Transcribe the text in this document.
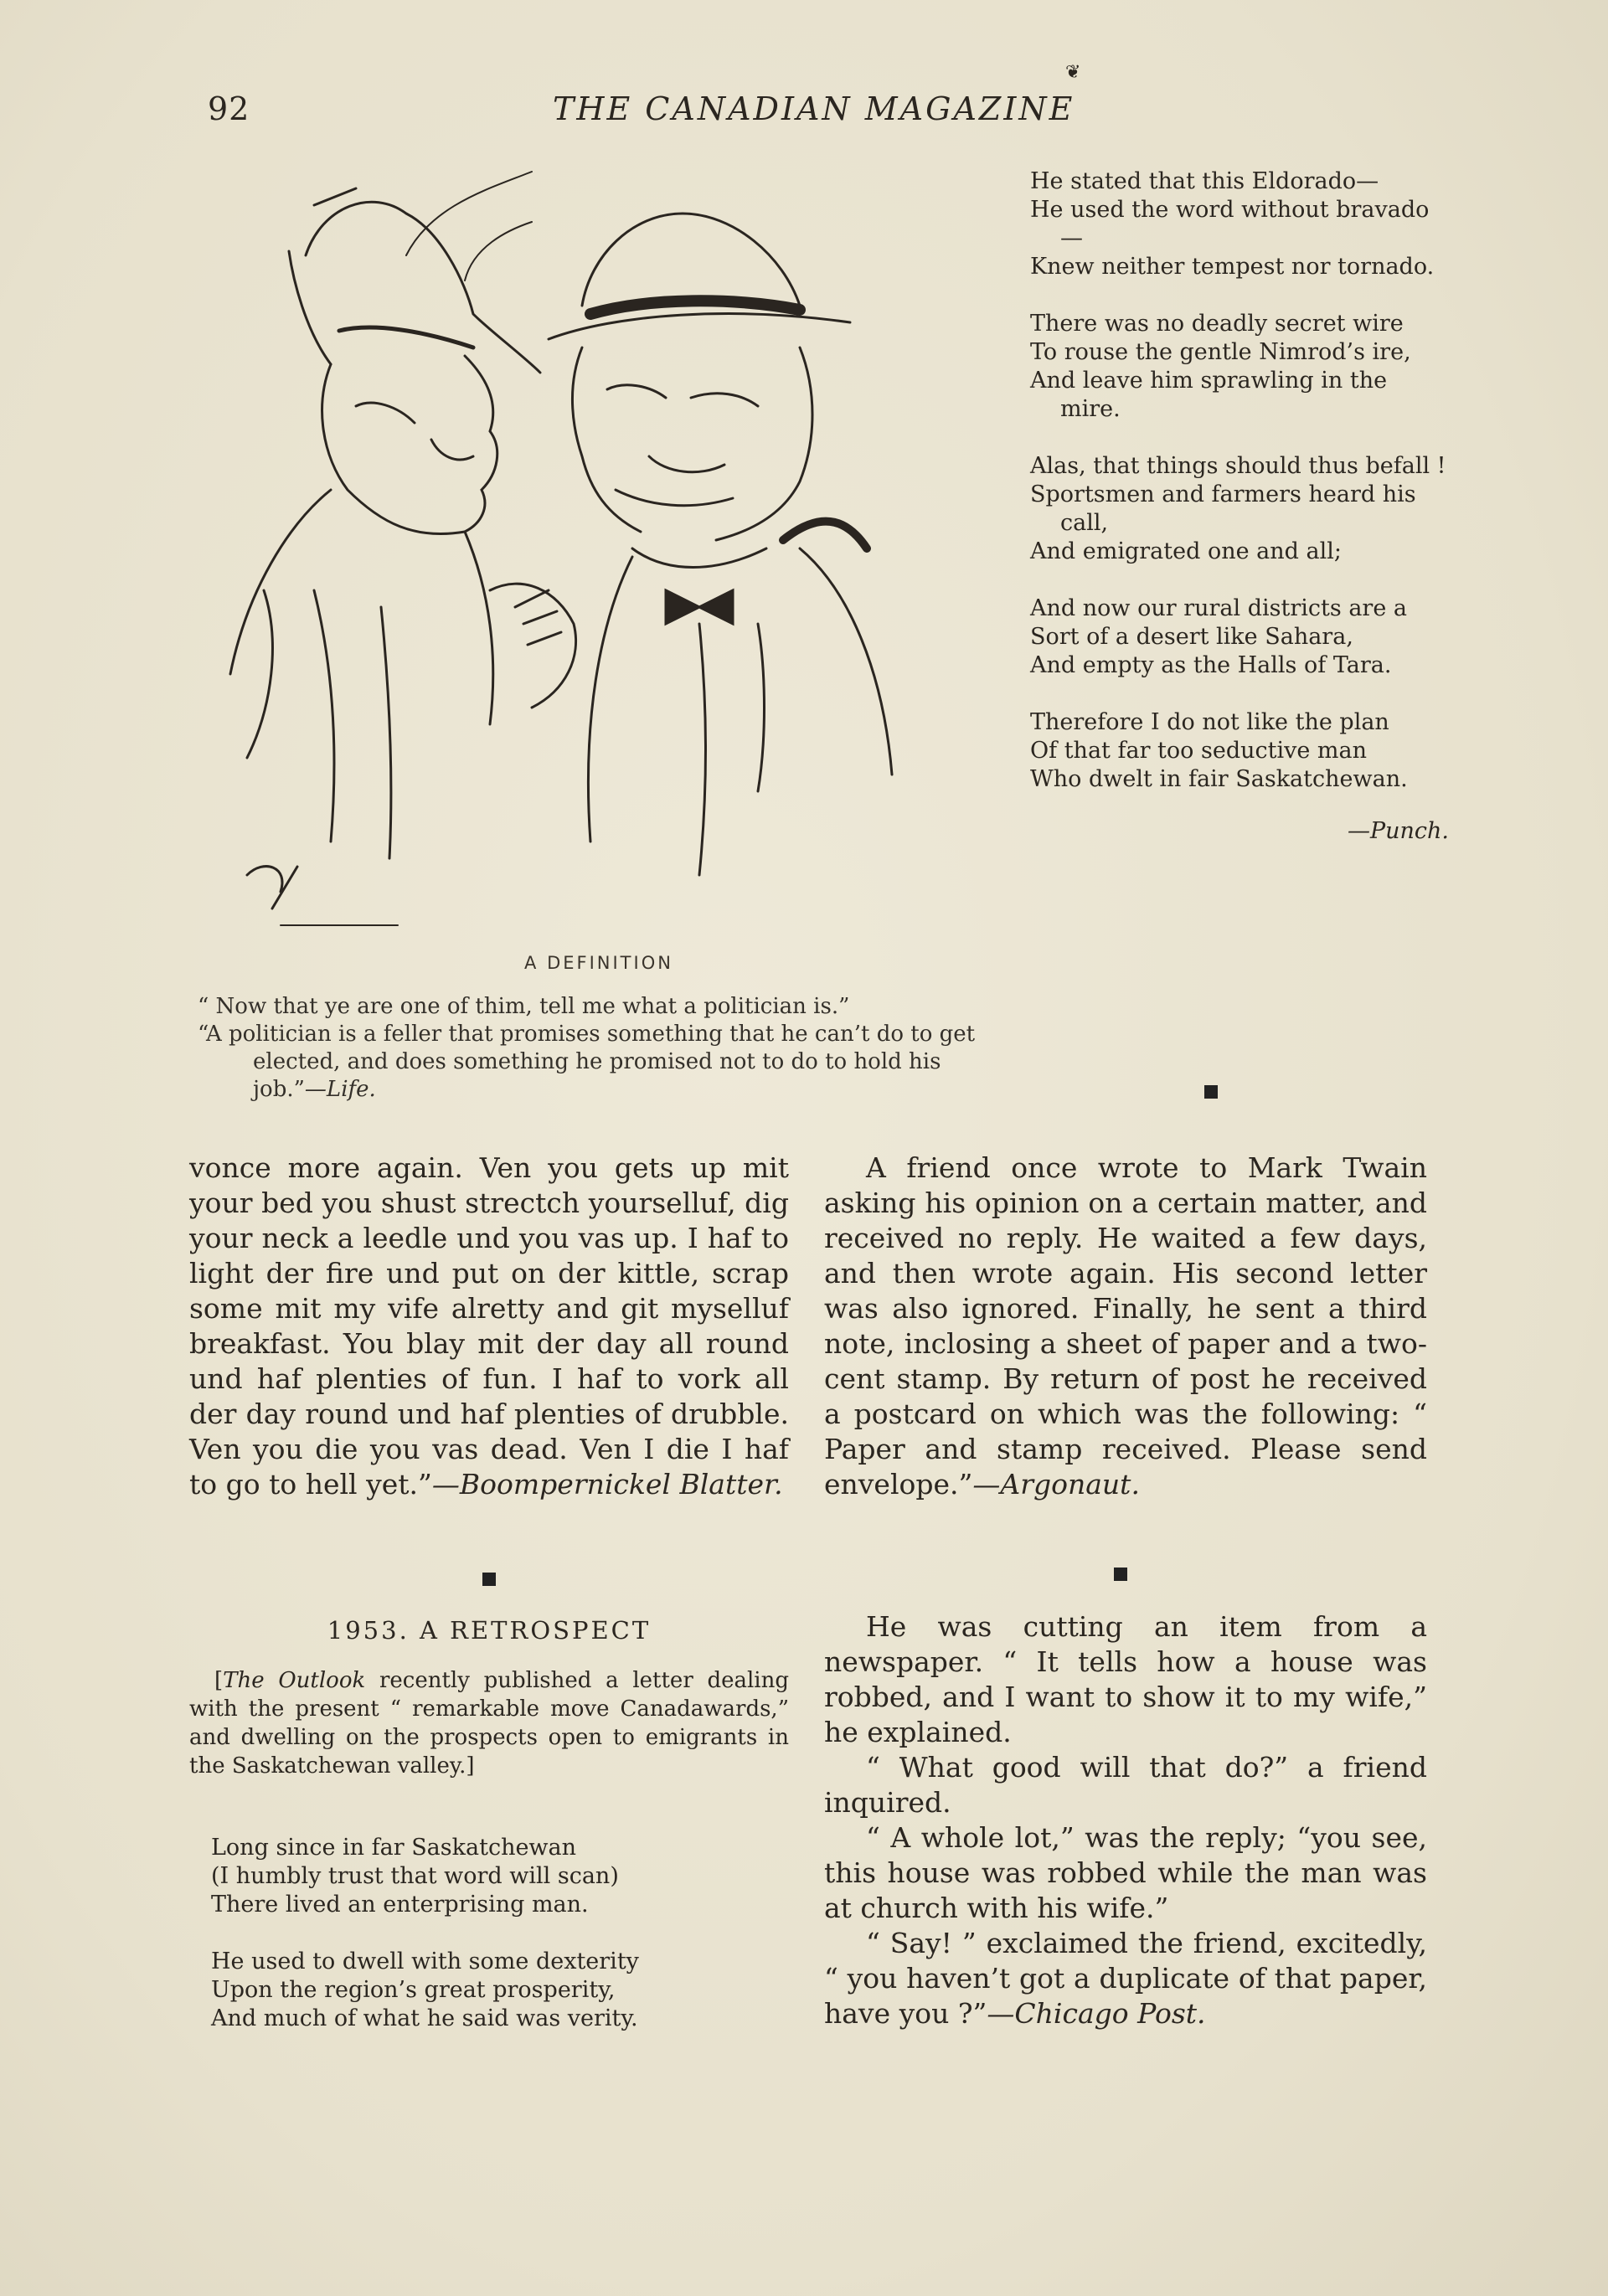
92	THE CANADIAN MAGAZINE
❦
A DEFINITION

“ Now that ye are one of thim, tell me what a politician is.”

“A politician is a feller that promises something that he can’t do to get elected, and does something he promised not to do to hold his job.”—Life.

He stated that this Eldorado—
He used the word without bravado—
Knew neither tempest nor tornado.
There was no deadly secret wire
To rouse the gentle Nimrod’s ire,
And leave him sprawling in the mire.
Alas, that things should thus befall !
Sportsmen and farmers heard his call,
And emigrated one and all;
And now our rural districts are a
Sort of a desert like Sahara,
And empty as the Halls of Tara.
Therefore I do not like the plan
Of that far too seductive man
Who dwelt in fair Saskatchewan.
—Punch.

vonce more again. Ven you gets up mit your bed you shust strectch yourselluf, dig your neck a leedle und you vas up. I haf to light der fire und put on der kittle, scrap some mit my vife alretty and git myselluf breakfast. You blay mit der day all round und haf plenties of fun. I haf to vork all der day round und haf plenties of drubble. Ven you die you vas dead. Ven I die I haf to go to hell yet.”—Boompernickel Blatter.

1953. A RETROSPECT

[The Outlook recently published a letter dealing with the present “ remarkable move Canadawards,” and dwelling on the prospects open to emigrants in the Saskatchewan valley.]

Long since in far Saskatchewan
(I humbly trust that word will scan)
There lived an enterprising man.
He used to dwell with some dexterity
Upon the region’s great prosperity,
And much of what he said was verity.

A friend once wrote to Mark Twain asking his opinion on a certain matter, and received no reply. He waited a few days, and then wrote again. His second letter was also ignored. Finally, he sent a third note, inclosing a sheet of paper and a two-cent stamp. By return of post he received a postcard on which was the following: “ Paper and stamp received. Please send envelope.”—Argonaut.

He was cutting an item from a newspaper. “ It tells how a house was robbed, and I want to show it to my wife,” he explained.

“ What good will that do?” a friend inquired.

“ A whole lot,” was the reply; “you see, this house was robbed while the man was at church with his wife.”

“ Say! ” exclaimed the friend, excitedly, “ you haven’t got a duplicate of that paper, have you ?”—Chicago Post.
